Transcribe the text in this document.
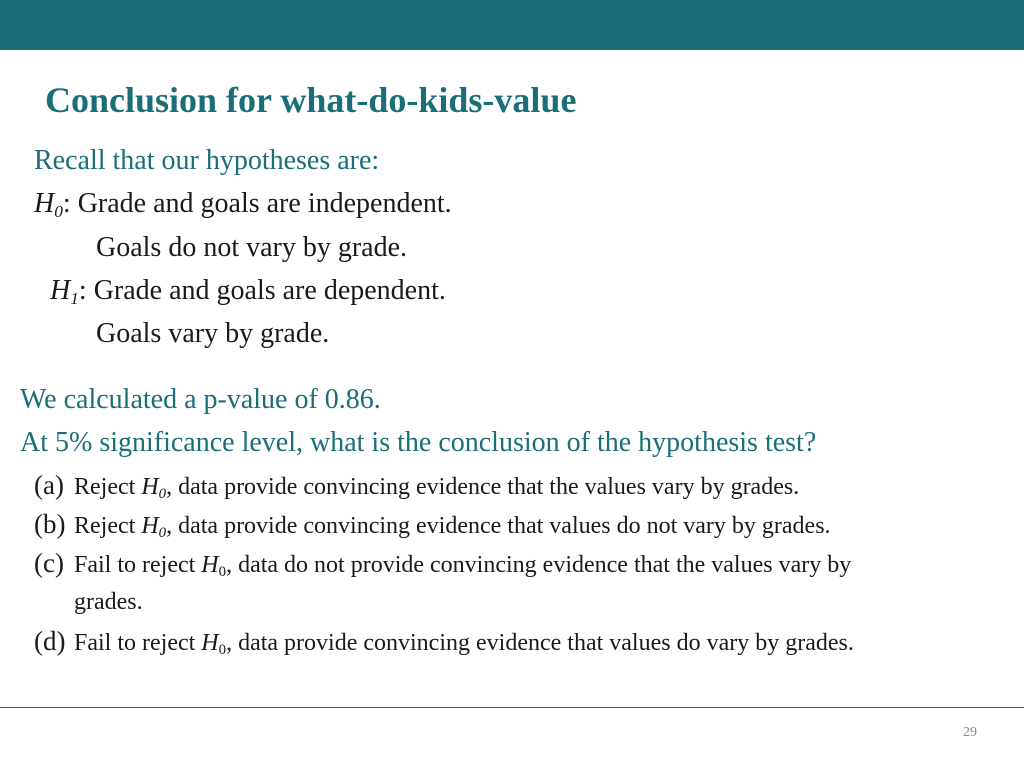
Conclusion for what-do-kids-value
Recall that our hypotheses are:
$H_0$: Grade and goals are independent.
Goals do not vary by grade.
$H_1$: Grade and goals are dependent.
Goals vary by grade.
We calculated a p-value of 0.86.
At 5% significance level, what is the conclusion of the hypothesis test?
(a) Reject $H_0$, data provide convincing evidence that the values vary by grades.
(b) Reject $H_0$, data provide convincing evidence that values do not vary by grades.
(c) Fail to reject $H_0$, data do not provide convincing evidence that the values vary by
grades.
(d) Fail to reject $H_0$, data provide convincing evidence that values do vary by grades.
29
